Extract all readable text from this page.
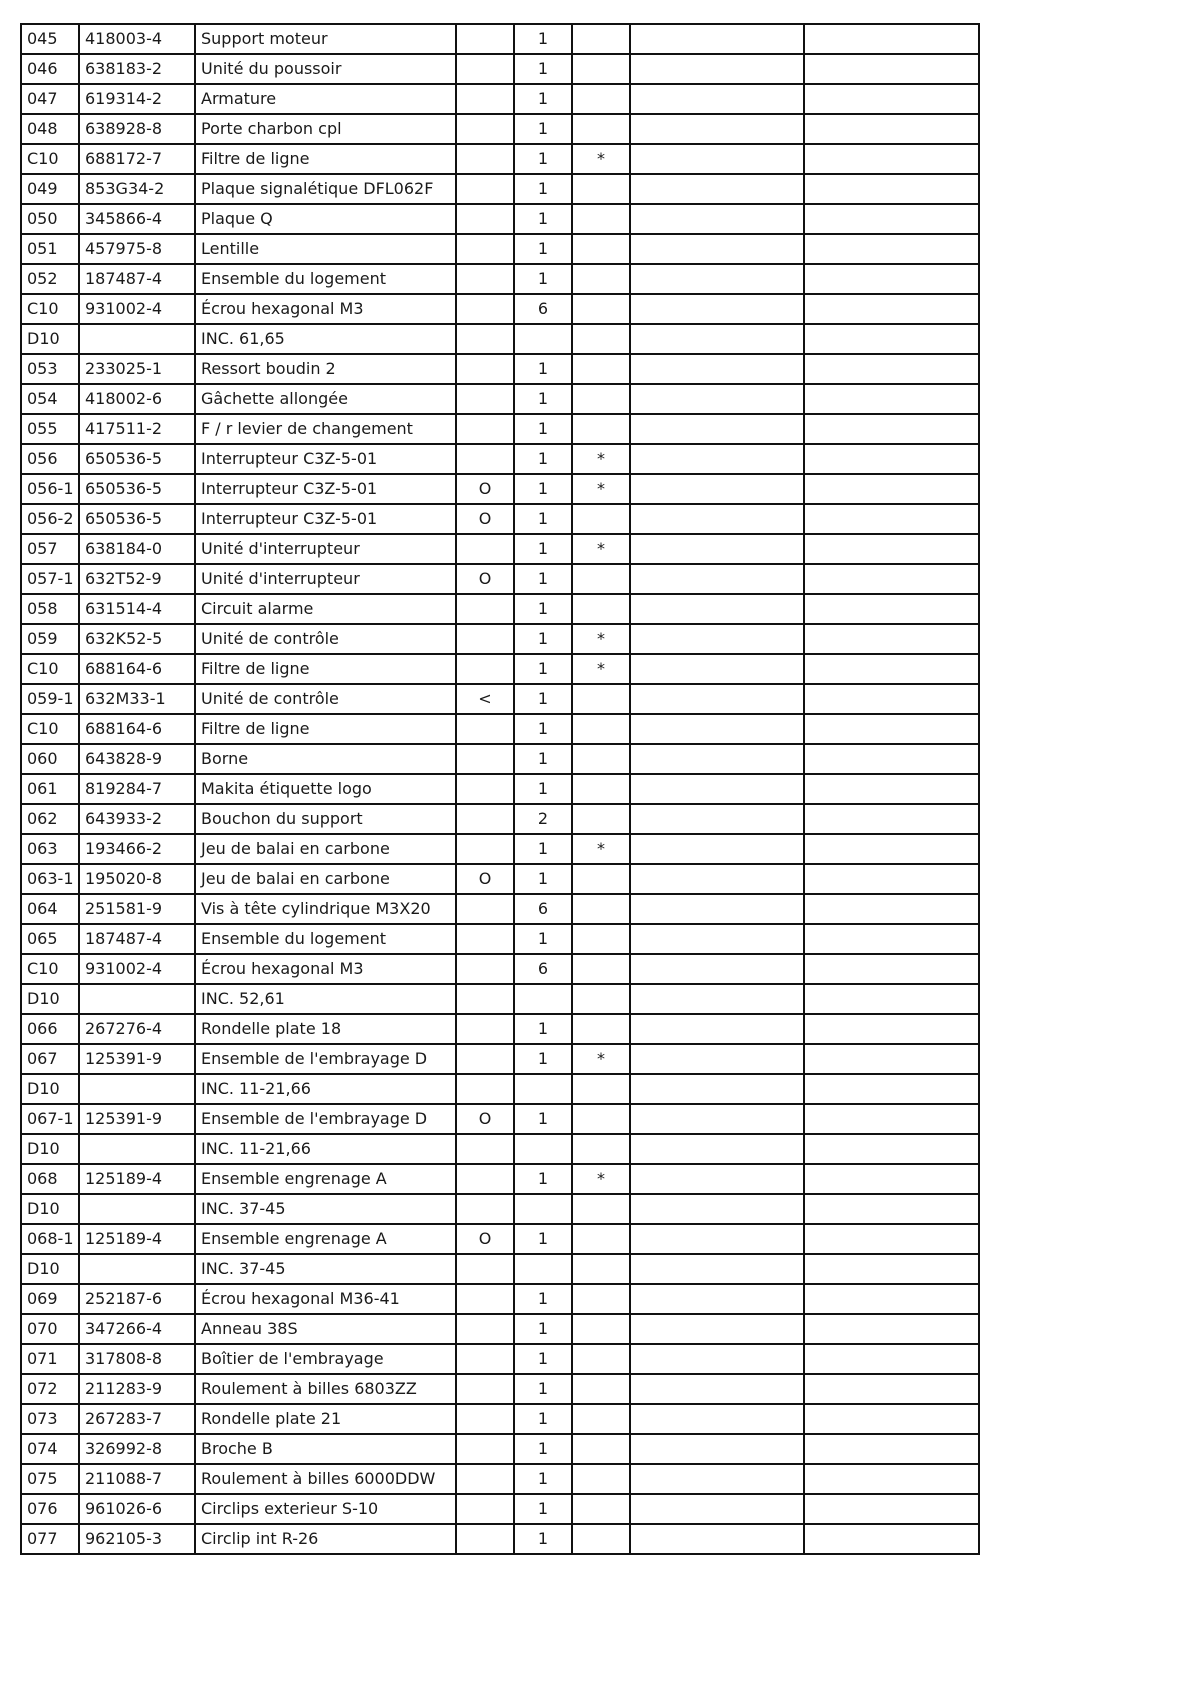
045	418003-4	Support moteur		1			
046	638183-2	Unité du poussoir		1			
047	619314-2	Armature		1			
048	638928-8	Porte charbon cpl		1			
C10	688172-7	Filtre de ligne		1	*		
049	853G34-2	Plaque signalétique DFL062F		1			
050	345866-4	Plaque Q		1			
051	457975-8	Lentille		1			
052	187487-4	Ensemble du logement		1			
C10	931002-4	Écrou hexagonal M3		6			
D10		INC. 61,65					
053	233025-1	Ressort boudin 2		1			
054	418002-6	Gâchette allongée		1			
055	417511-2	F / r levier de changement		1			
056	650536-5	Interrupteur C3Z-5-01		1	*		
056-1	650536-5	Interrupteur C3Z-5-01	O	1	*		
056-2	650536-5	Interrupteur C3Z-5-01	O	1			
057	638184-0	Unité d'interrupteur		1	*		
057-1	632T52-9	Unité d'interrupteur	O	1			
058	631514-4	Circuit alarme		1			
059	632K52-5	Unité de contrôle		1	*		
C10	688164-6	Filtre de ligne		1	*		
059-1	632M33-1	Unité de contrôle	<	1			
C10	688164-6	Filtre de ligne		1			
060	643828-9	Borne		1			
061	819284-7	Makita étiquette logo		1			
062	643933-2	Bouchon du support		2			
063	193466-2	Jeu de balai en carbone		1	*		
063-1	195020-8	Jeu de balai en carbone	O	1			
064	251581-9	Vis à tête cylindrique M3X20		6			
065	187487-4	Ensemble du logement		1			
C10	931002-4	Écrou hexagonal M3		6			
D10		INC. 52,61					
066	267276-4	Rondelle plate 18		1			
067	125391-9	Ensemble de l'embrayage D		1	*		
D10		INC. 11-21,66					
067-1	125391-9	Ensemble de l'embrayage D	O	1			
D10		INC. 11-21,66					
068	125189-4	Ensemble engrenage A		1	*		
D10		INC. 37-45					
068-1	125189-4	Ensemble engrenage A	O	1			
D10		INC. 37-45					
069	252187-6	Écrou hexagonal M36-41		1			
070	347266-4	Anneau 38S		1			
071	317808-8	Boîtier de l'embrayage		1			
072	211283-9	Roulement à billes 6803ZZ		1			
073	267283-7	Rondelle plate 21		1			
074	326992-8	Broche B		1			
075	211088-7	Roulement à billes 6000DDW		1			
076	961026-6	Circlips exterieur S-10		1			
077	962105-3	Circlip int R-26		1			
